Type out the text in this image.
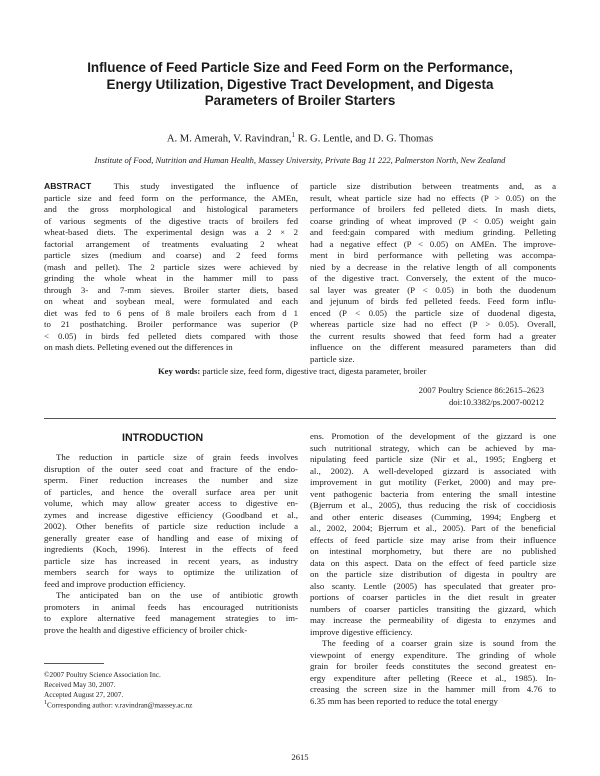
Influence of Feed Particle Size and Feed Form on the Performance,
Energy Utilization, Digestive Tract Development, and Digesta
Parameters of Broiler Starters
A. M. Amerah, V. Ravindran,$^1$ R. G. Lentle, and D. G. Thomas
Institute of Food, Nutrition and Human Health, Massey University, Private Bag 11 222, Palmerston North, New Zealand
ABSTRACT	This study investigated the influence of
particle size and feed form on the performance, the AMEn,
and the gross morphological and histological parameters
of various segments of the digestive tracts of broilers fed
wheat-based diets. The experimental design was a 2 × 2
factorial arrangement of treatments evaluating 2 wheat
particle sizes (medium and coarse) and 2 feed forms
(mash and pellet). The 2 particle sizes were achieved by
grinding the whole wheat in the hammer mill to pass
through 3- and 7-mm sieves. Broiler starter diets, based
on wheat and soybean meal, were formulated and each
diet was fed to 6 pens of 8 male broilers each from d 1
to 21 posthatching. Broiler performance was superior (P
< 0.05) in birds fed pelleted diets compared with those
on mash diets. Pelleting evened out the differences in
particle size distribution between treatments and, as a
result, wheat particle size had no effects (P > 0.05) on the
performance of broilers fed pelleted diets. In mash diets,
coarse grinding of wheat improved (P < 0.05) weight gain
and feed:gain compared with medium grinding. Pelleting
had a negative effect (P < 0.05) on AMEn. The improve-
ment in bird performance with pelleting was accompa-
nied by a decrease in the relative length of all components
of the digestive tract. Conversely, the extent of the muco-
sal layer was greater (P < 0.05) in both the duodenum
and jejunum of birds fed pelleted feeds. Feed form influ-
enced (P < 0.05) the particle size of duodenal digesta,
whereas particle size had no effect (P > 0.05). Overall,
the current results showed that feed form had a greater
influence on the different measured parameters than did
particle size.
Key words: particle size, feed form, digestive tract, digesta parameter, broiler
2007 Poultry Science 86:2615–2623
doi:10.3382/ps.2007-00212
INTRODUCTION
The reduction in particle size of grain feeds involves
disruption of the outer seed coat and fracture of the endo-
sperm. Finer reduction increases the number and size
of particles, and hence the overall surface area per unit
volume, which may allow greater access to digestive en-
zymes and increase digestive efficiency (Goodband et al.,
2002). Other benefits of particle size reduction include a
generally greater ease of handling and ease of mixing of
ingredients (Koch, 1996). Interest in the effects of feed
particle size has increased in recent years, as industry
members search for ways to optimize the utilization of
feed and improve production efficiency.
The anticipated ban on the use of antibiotic growth
promoters in animal feeds has encouraged nutritionists
to explore alternative feed management strategies to im-
prove the health and digestive efficiency of broiler chick-
ens. Promotion of the development of the gizzard is one
such nutritional strategy, which can be achieved by ma-
nipulating feed particle size (Nir et al., 1995; Engberg et
al., 2002). A well-developed gizzard is associated with
improvement in gut motility (Ferket, 2000) and may pre-
vent pathogenic bacteria from entering the small intestine
(Bjerrum et al., 2005), thus reducing the risk of coccidiosis
and other enteric diseases (Cumming, 1994; Engberg et
al., 2002, 2004; Bjerrum et al., 2005). Part of the beneficial
effects of feed particle size may arise from their influence
on intestinal morphometry, but there are no published
data on this aspect. Data on the effect of feed particle size
on the particle size distribution of digesta in poultry are
also scanty. Lentle (2005) has speculated that greater pro-
portions of coarser particles in the diet result in greater
numbers of coarser particles transiting the gizzard, which
may increase the permeability of digesta to enzymes and
improve digestive efficiency.
The feeding of a coarser grain size is sound from the
viewpoint of energy expenditure. The grinding of whole
grain for broiler feeds constitutes the second greatest en-
ergy expenditure after pelleting (Reece et al., 1985). In-
creasing the screen size in the hammer mill from 4.76 to
6.35 mm has been reported to reduce the total energy
©2007 Poultry Science Association Inc.
Received May 30, 2007.
Accepted August 27, 2007.
$^1$Corresponding author: v.ravindran@massey.ac.nz
2615
